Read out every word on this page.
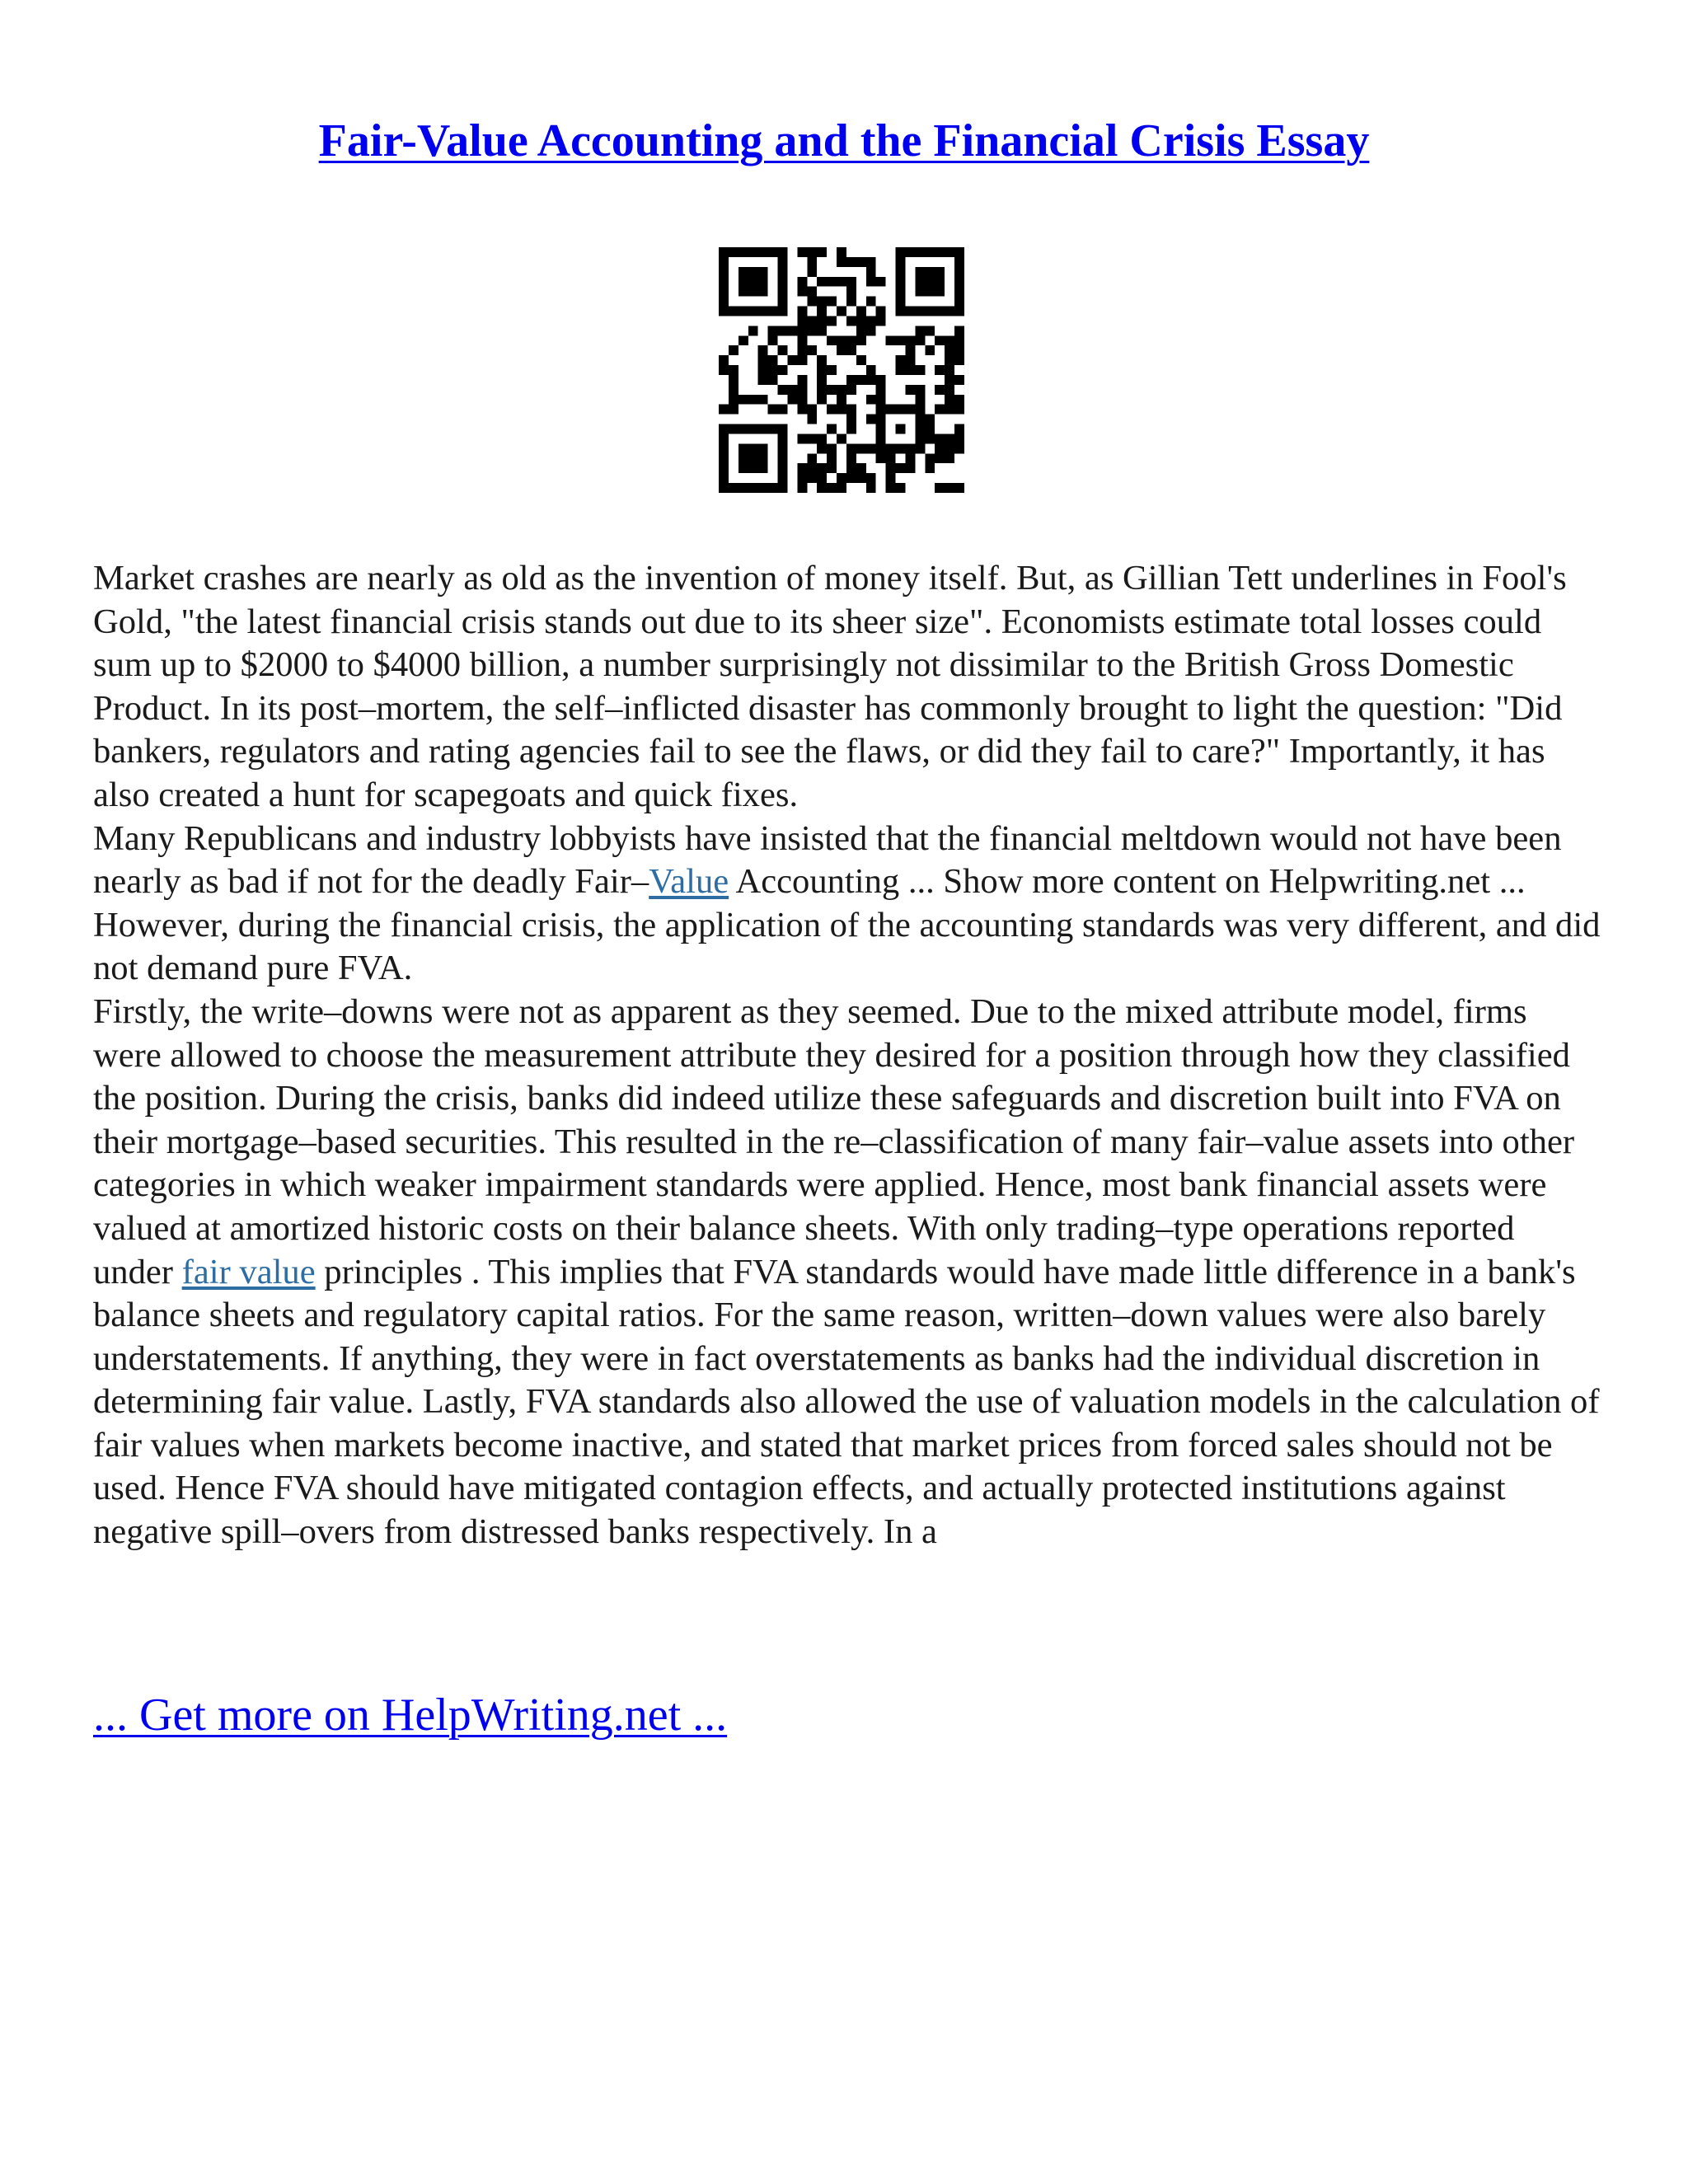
Fair-Value Accounting and the Financial Crisis Essay

Market crashes are nearly as old as the invention of money itself. But, as Gillian Tett underlines in Fool's Gold, "the latest financial crisis stands out due to its sheer size". Economists estimate total losses could sum up to $2000 to $4000 billion, a number surprisingly not dissimilar to the British Gross Domestic Product. In its post–mortem, the self–inflicted disaster has commonly brought to light the question: "Did bankers, regulators and rating agencies fail to see the flaws, or did they fail to care?" Importantly, it has also created a hunt for scapegoats and quick fixes.

Many Republicans and industry lobbyists have insisted that the financial meltdown would not have been nearly as bad if not for the deadly Fair–Value Accounting ... Show more content on Helpwriting.net ...

However, during the financial crisis, the application of the accounting standards was very different, and did not demand pure FVA.

Firstly, the write–downs were not as apparent as they seemed. Due to the mixed attribute model, firms were allowed to choose the measurement attribute they desired for a position through how they classified the position. During the crisis, banks did indeed utilize these safeguards and discretion built into FVA on their mortgage–based securities. This resulted in the re–classification of many fair–value assets into other categories in which weaker impairment standards were applied. Hence, most bank financial assets were valued at amortized historic costs on their balance sheets. With only trading–type operations reported under fair value principles . This implies that FVA standards would have made little difference in a bank's balance sheets and regulatory capital ratios. For the same reason, written–down values were also barely understatements. If anything, they were in fact overstatements as banks had the individual discretion in determining fair value. Lastly, FVA standards also allowed the use of valuation models in the calculation of fair values when markets become inactive, and stated that market prices from forced sales should not be used. Hence FVA should have mitigated contagion effects, and actually protected institutions against negative spill–overs from distressed banks respectively. In a

... Get more on HelpWriting.net ...
